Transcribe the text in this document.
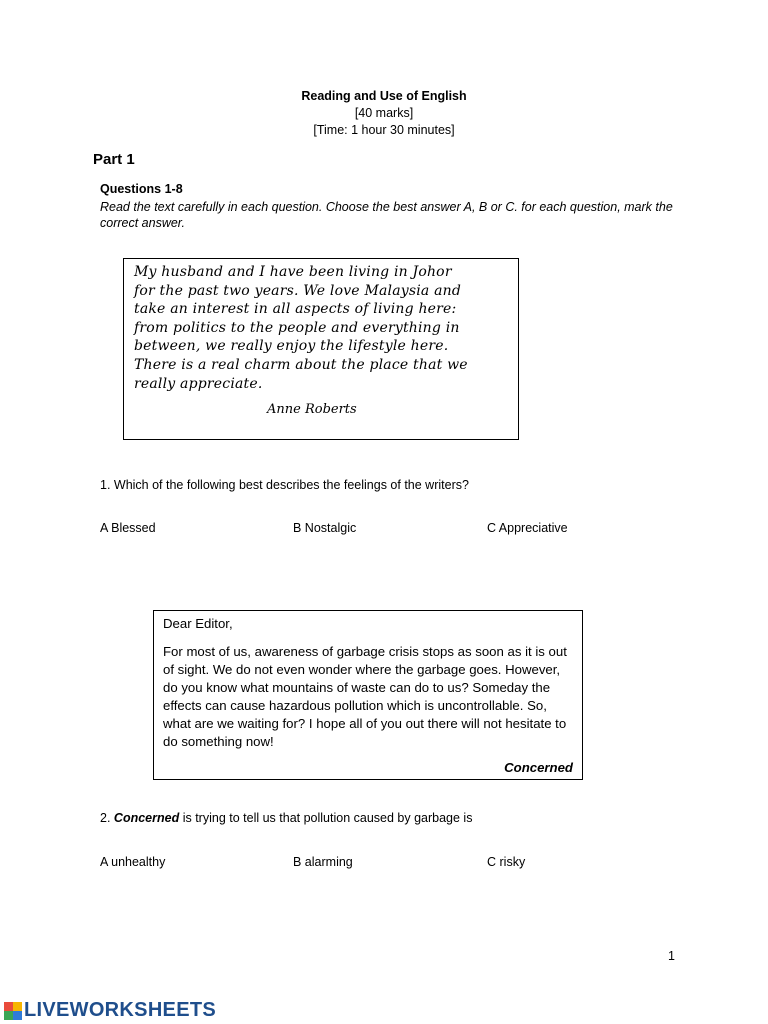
Reading and Use of English
[40 marks]
[Time: 1 hour 30 minutes]
Part 1
Questions 1-8
Read the text carefully in each question. Choose the best answer A, B or C. for each question, mark the correct answer.
My husband and I have been living in Johor
for the past two years. We love Malaysia and
take an interest in all aspects of living here:
from politics to the people and everything in
between, we really enjoy the lifestyle here.
There is a real charm about the place that we
really appreciate.
Anne Roberts
1. Which of the following best describes the feelings of the writers?
A Blessed	B Nostalgic	C Appreciative
Dear Editor,
For most of us, awareness of garbage crisis stops as soon as it is out of sight. We do not even wonder where the garbage goes. However, do you know what mountains of waste can do to us? Someday the effects can cause hazardous pollution which is uncontrollable. So, what are we waiting for? I hope all of you out there will not hesitate to do something now!
Concerned
2. Concerned is trying to tell us that pollution caused by garbage is
A unhealthy	B alarming	C risky
1
LIVEWORKSHEETS
